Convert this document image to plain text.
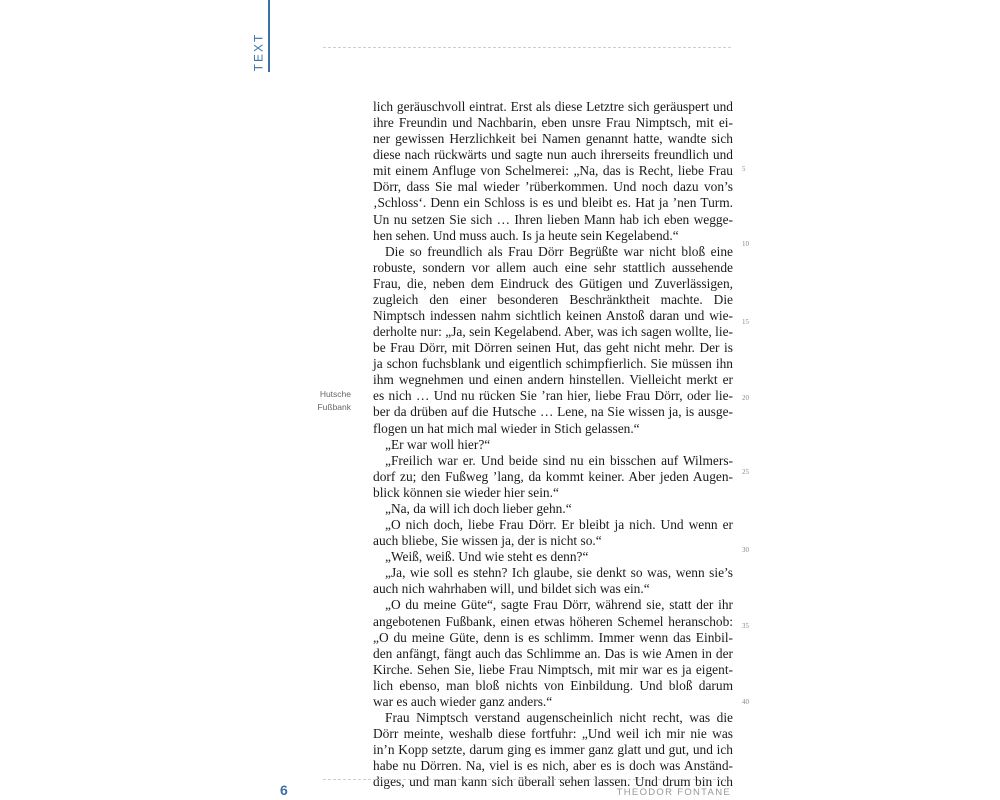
TEXT
lich geräuschvoll eintrat. Erst als diese Letztre sich geräuspert und
ihre Freundin und Nachbarin, eben unsre Frau Nimptsch, mit ei-
ner gewissen Herzlichkeit bei Namen genannt hatte, wandte sich
diese nach rückwärts und sagte nun auch ihrerseits freundlich und
mit einem Anfluge von Schelmerei: „Na, das is Recht, liebe Frau
Dörr, dass Sie mal wieder ’rüberkommen. Und noch dazu von’s
‚Schloss‘. Denn ein Schloss is es und bleibt es. Hat ja ’nen Turm.
Un nu setzen Sie sich … Ihren lieben Mann hab ich eben wegge-
hen sehen. Und muss auch. Is ja heute sein Kegelabend.“
Die so freundlich als Frau Dörr Begrüßte war nicht bloß eine
robuste, sondern vor allem auch eine sehr stattlich aussehende
Frau, die, neben dem Eindruck des Gütigen und Zuverlässigen,
zugleich den einer besonderen Beschränktheit machte. Die
Nimptsch indessen nahm sichtlich keinen Anstoß daran und wie-
derholte nur: „Ja, sein Kegelabend. Aber, was ich sagen wollte, lie-
be Frau Dörr, mit Dörren seinen Hut, das geht nicht mehr. Der is
ja schon fuchsblank und eigentlich schimpfierlich. Sie müssen ihn
ihm wegnehmen und einen andern hinstellen. Vielleicht merkt er
es nich … Und nu rücken Sie ’ran hier, liebe Frau Dörr, oder lie-
ber da drüben auf die Hutsche … Lene, na Sie wissen ja, is ausge-
flogen un hat mich mal wieder in Stich gelassen.“
„Er war woll hier?“
„Freilich war er. Und beide sind nu ein bisschen auf Wilmers-
dorf zu; den Fußweg ’lang, da kommt keiner. Aber jeden Augen-
blick können sie wieder hier sein.“
„Na, da will ich doch lieber gehn.“
„O nich doch, liebe Frau Dörr. Er bleibt ja nich. Und wenn er
auch bliebe, Sie wissen ja, der is nicht so.“
„Weiß, weiß. Und wie steht es denn?“
„Ja, wie soll es stehn? Ich glaube, sie denkt so was, wenn sie’s
auch nich wahrhaben will, und bildet sich was ein.“
„O du meine Güte“, sagte Frau Dörr, während sie, statt der ihr
angebotenen Fußbank, einen etwas höheren Schemel heranschob:
„O du meine Güte, denn is es schlimm. Immer wenn das Einbil-
den anfängt, fängt auch das Schlimme an. Das is wie Amen in der
Kirche. Sehen Sie, liebe Frau Nimptsch, mit mir war es ja eigent-
lich ebenso, man bloß nichts von Einbildung. Und bloß darum
war es auch wieder ganz anders.“
Frau Nimptsch verstand augenscheinlich nicht recht, was die
Dörr meinte, weshalb diese fortfuhr: „Und weil ich mir nie was
in’n Kopp setzte, darum ging es immer ganz glatt und gut, und ich
habe nu Dörren. Na, viel is es nich, aber es is doch was Anständ-
diges, und man kann sich überall sehen lassen. Und drum bin ich
Hutsche
Fußbank
5
10
15
20
25
30
35
40
6	THEODOR FONTANE
